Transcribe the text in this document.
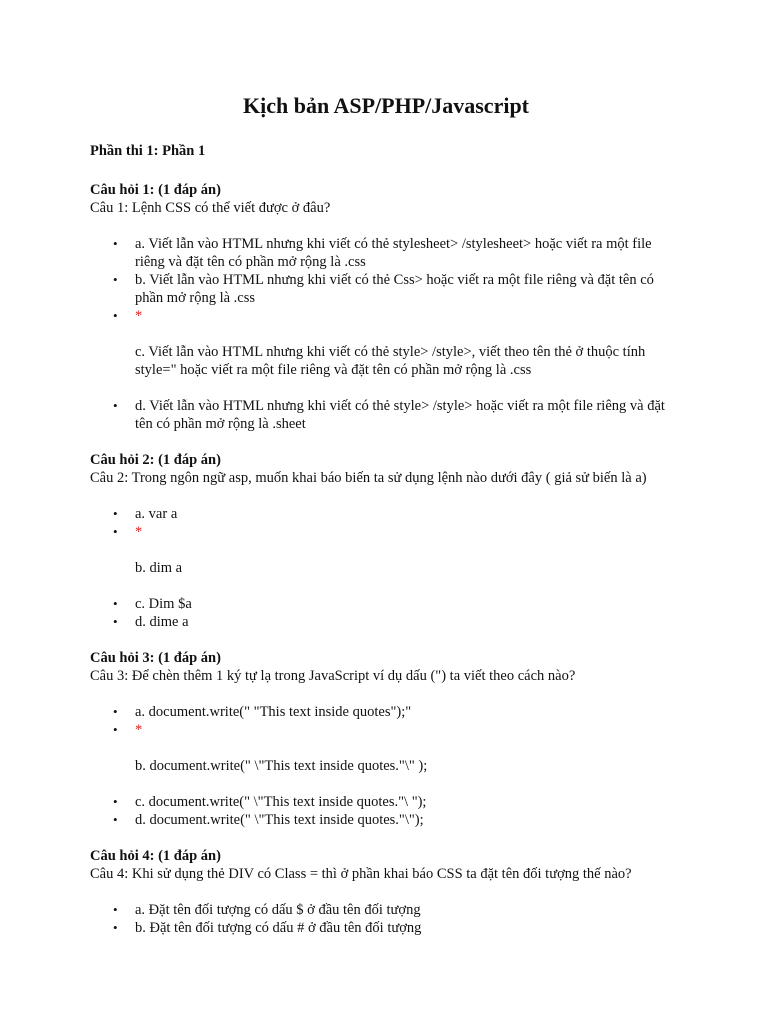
Kịch bản ASP/PHP/Javascript
Phần thi 1: Phần 1
Câu hỏi 1: (1 đáp án)
Câu 1: Lệnh CSS có thể viết được ở đâu?
• a. Viết lẫn vào HTML nhưng khi viết có thẻ stylesheet> /stylesheet> hoặc viết ra một file riêng và đặt tên có phần mở rộng là .css
• b. Viết lẫn vào HTML nhưng khi viết có thẻ Css> hoặc viết ra một file riêng và đặt tên có phần mở rộng là .css
• *
c. Viết lẫn vào HTML nhưng khi viết có thẻ style> /style>, viết theo tên thẻ ở thuộc tính style=" hoặc viết ra một file riêng và đặt tên có phần mở rộng là .css
• d. Viết lẫn vào HTML nhưng khi viết có thẻ style> /style> hoặc viết ra một file riêng và đặt tên có phần mở rộng là .sheet
Câu hỏi 2: (1 đáp án)
Câu 2: Trong ngôn ngữ asp, muốn khai báo biến ta sử dụng lệnh nào dưới đây ( giả sử biến là a)
• a. var a
• *
b. dim a
• c. Dim $a
• d. dime a
Câu hỏi 3: (1 đáp án)
Câu 3: Để chèn thêm 1 ký tự lạ trong JavaScript ví dụ dấu (") ta viết theo cách nào?
• a. document.write(" "This text inside quotes");"
• *
b. document.write(" \"This text inside quotes."\" );
• c. document.write(" \"This text inside quotes."\ ");
• d. document.write(" \"This text inside quotes."\");
Câu hỏi 4: (1 đáp án)
Câu 4: Khi sử dụng thẻ DIV có Class = thì ở phần khai báo CSS ta đặt tên đối tượng thế nào?
• a. Đặt tên đối tượng có dấu $ ở đầu tên đối tượng
• b. Đặt tên đối tượng có dấu # ở đầu tên đối tượng
